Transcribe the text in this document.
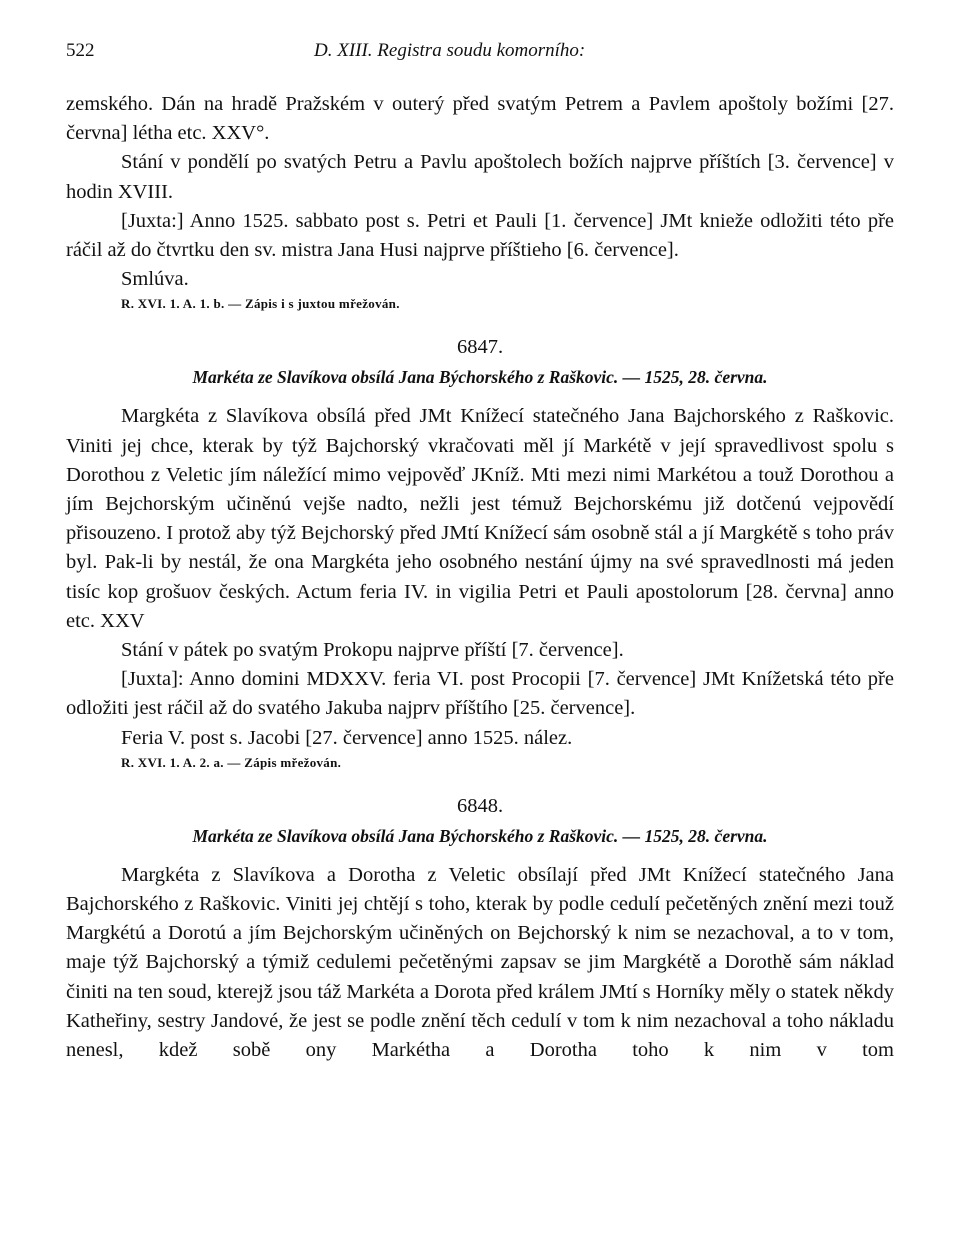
522	D. XIII. Registra soudu komorního:

zemského. Dán na hradě Pražském v outerý před svatým Petrem a Pavlem apoštoly božími [27. června] létha etc. XXV°.

Stání v pondělí po svatých Petru a Pavlu apoštolech božích najprve příštích [3. července] v hodin XVIII.

[Juxta:] Anno 1525. sabbato post s. Petri et Pauli [1. července] JMt knieže odložiti této pře ráčil až do čtvrtku den sv. mistra Jana Husi najprve příštieho [6. července].

Smlúva.

R. XVI. 1. A. 1. b. — Zápis i s juxtou mřežován.
6847.
Markéta ze Slavíkova obsílá Jana Býchorského z Raškovic. — 1525, 28. června.

Margkéta z Slavíkova obsílá před JMt Knížecí statečného Jana Bajchorského z Raškovic. Viniti jej chce, kterak by týž Bajchorský vkračovati měl jí Markétě v její spravedlivost spolu s Dorothou z Veletic jím náležící mimo vejpověď JKníž. Mti mezi nimi Markétou a touž Dorothou a jím Bejchorským učiněnú vejše nadto, nežli jest témuž Bejchorskému již dotčenú vejpovědí přisouzeno. I protož aby týž Bejchorský před JMtí Knížecí sám osobně stál a jí Margkétě s toho práv byl. Pak-li by nestál, že ona Margkéta jeho osobného nestání újmy na své spravedlnosti má jeden tisíc kop grošuov českých. Actum feria IV. in vigilia Petri et Pauli apostolorum [28. června] anno etc. XXV

Stání v pátek po svatým Prokopu najprve příští [7. července].

[Juxta]: Anno domini MDXXV. feria VI. post Procopii [7. července] JMt Knížetská této pře odložiti jest ráčil až do svatého Jakuba najprv příštího [25. července].

Feria V. post s. Jacobi [27. července] anno 1525. nález.

R. XVI. 1. A. 2. a. — Zápis mřežován.
6848.
Markéta ze Slavíkova obsílá Jana Býchorského z Raškovic. — 1525, 28. června.

Margkéta z Slavíkova a Dorotha z Veletic obsílají před JMt Knížecí statečného Jana Bajchorského z Raškovic. Viniti jej chtějí s toho, kterak by podle cedulí pečetěných znění mezi touž Margkétú a Dorotú a jím Bejchorským učiněných on Bejchorský k nim se nezachoval, a to v tom, maje týž Bajchorský a týmiž cedulemi pečetěnými zapsav se jim Margkétě a Dorothě sám náklad činiti na ten soud, kterejž jsou táž Markéta a Dorota před králem JMtí s Horníky měly o statek někdy Katheřiny, sestry Jandové, že jest se podle znění těch cedulí v tom k nim nezachoval a toho nákladu nenesl, kdež sobě ony Markétha a Dorotha toho k nim v tom
